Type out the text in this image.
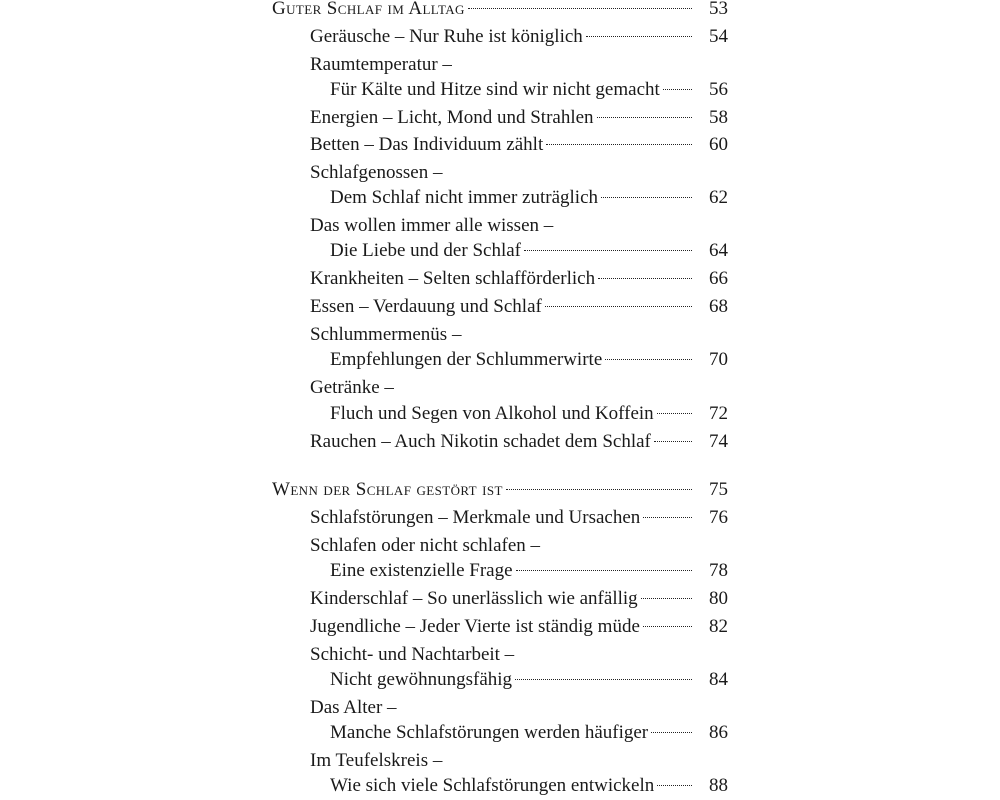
Guter Schlaf im Alltag	53
Geräusche – Nur Ruhe ist königlich	54
Raumtemperatur –
Für Kälte und Hitze sind wir nicht gemacht	56
Energien – Licht, Mond und Strahlen	58
Betten – Das Individuum zählt	60
Schlafgenossen –
Dem Schlaf nicht immer zuträglich	62
Das wollen immer alle wissen –
Die Liebe und der Schlaf	64
Krankheiten – Selten schlafförderlich	66
Essen – Verdauung und Schlaf	68
Schlummermenüs –
Empfehlungen der Schlummerwirte	70
Getränke –
Fluch und Segen von Alkohol und Koffein	72
Rauchen – Auch Nikotin schadet dem Schlaf	74
Wenn der Schlaf gestört ist	75
Schlafstörungen – Merkmale und Ursachen	76
Schlafen oder nicht schlafen –
Eine existenzielle Frage	78
Kinderschlaf – So unerlässlich wie anfällig	80
Jugendliche – Jeder Vierte ist ständig müde	82
Schicht- und Nachtarbeit –
Nicht gewöhnungsfähig	84
Das Alter –
Manche Schlafstörungen werden häufiger	86
Im Teufelskreis –
Wie sich viele Schlafstörungen entwickeln	88
